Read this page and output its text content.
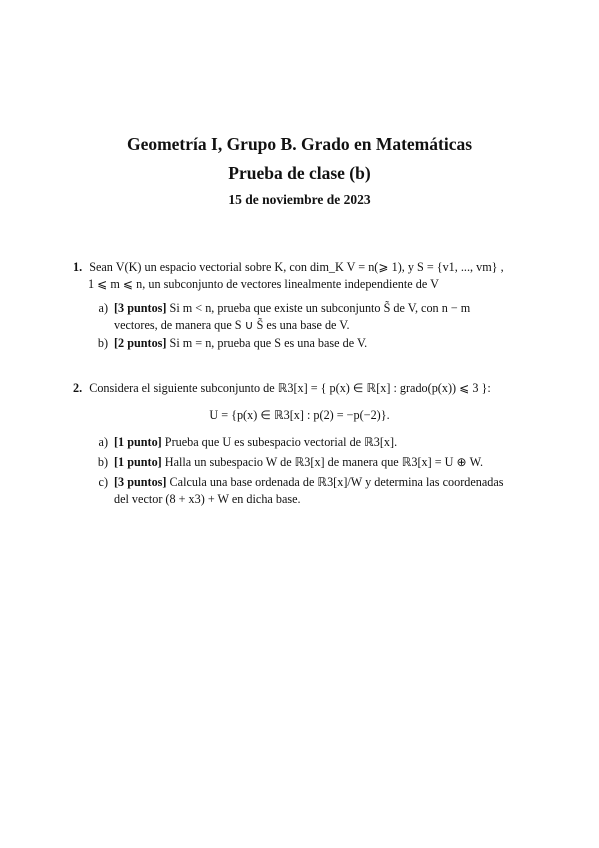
Geometría I, Grupo B. Grado en Matemáticas
Prueba de clase (b)
15 de noviembre de 2023
1. Sean V(K) un espacio vectorial sobre K, con dim_K V = n(⩾ 1), y S = {v1, ..., vm} ,
1 ⩽ m ⩽ n, un subconjunto de vectores linealmente independiente de V
a) [3 puntos] Si m < n, prueba que existe un subconjunto S̃ de V, con n − m
vectores, de manera que S ∪ S̃ es una base de V.
b) [2 puntos] Si m = n, prueba que S es una base de V.
2. Considera el siguiente subconjunto de ℝ3[x] = { p(x) ∈ ℝ[x] : grado(p(x)) ⩽ 3 }:
U = {p(x) ∈ ℝ3[x] : p(2) = −p(−2)}.
a) [1 punto] Prueba que U es subespacio vectorial de ℝ3[x].
b) [1 punto] Halla un subespacio W de ℝ3[x] de manera que ℝ3[x] = U ⊕ W.
c) [3 puntos] Calcula una base ordenada de ℝ3[x]/W y determina las coordenadas
del vector (8 + x3) + W en dicha base.
